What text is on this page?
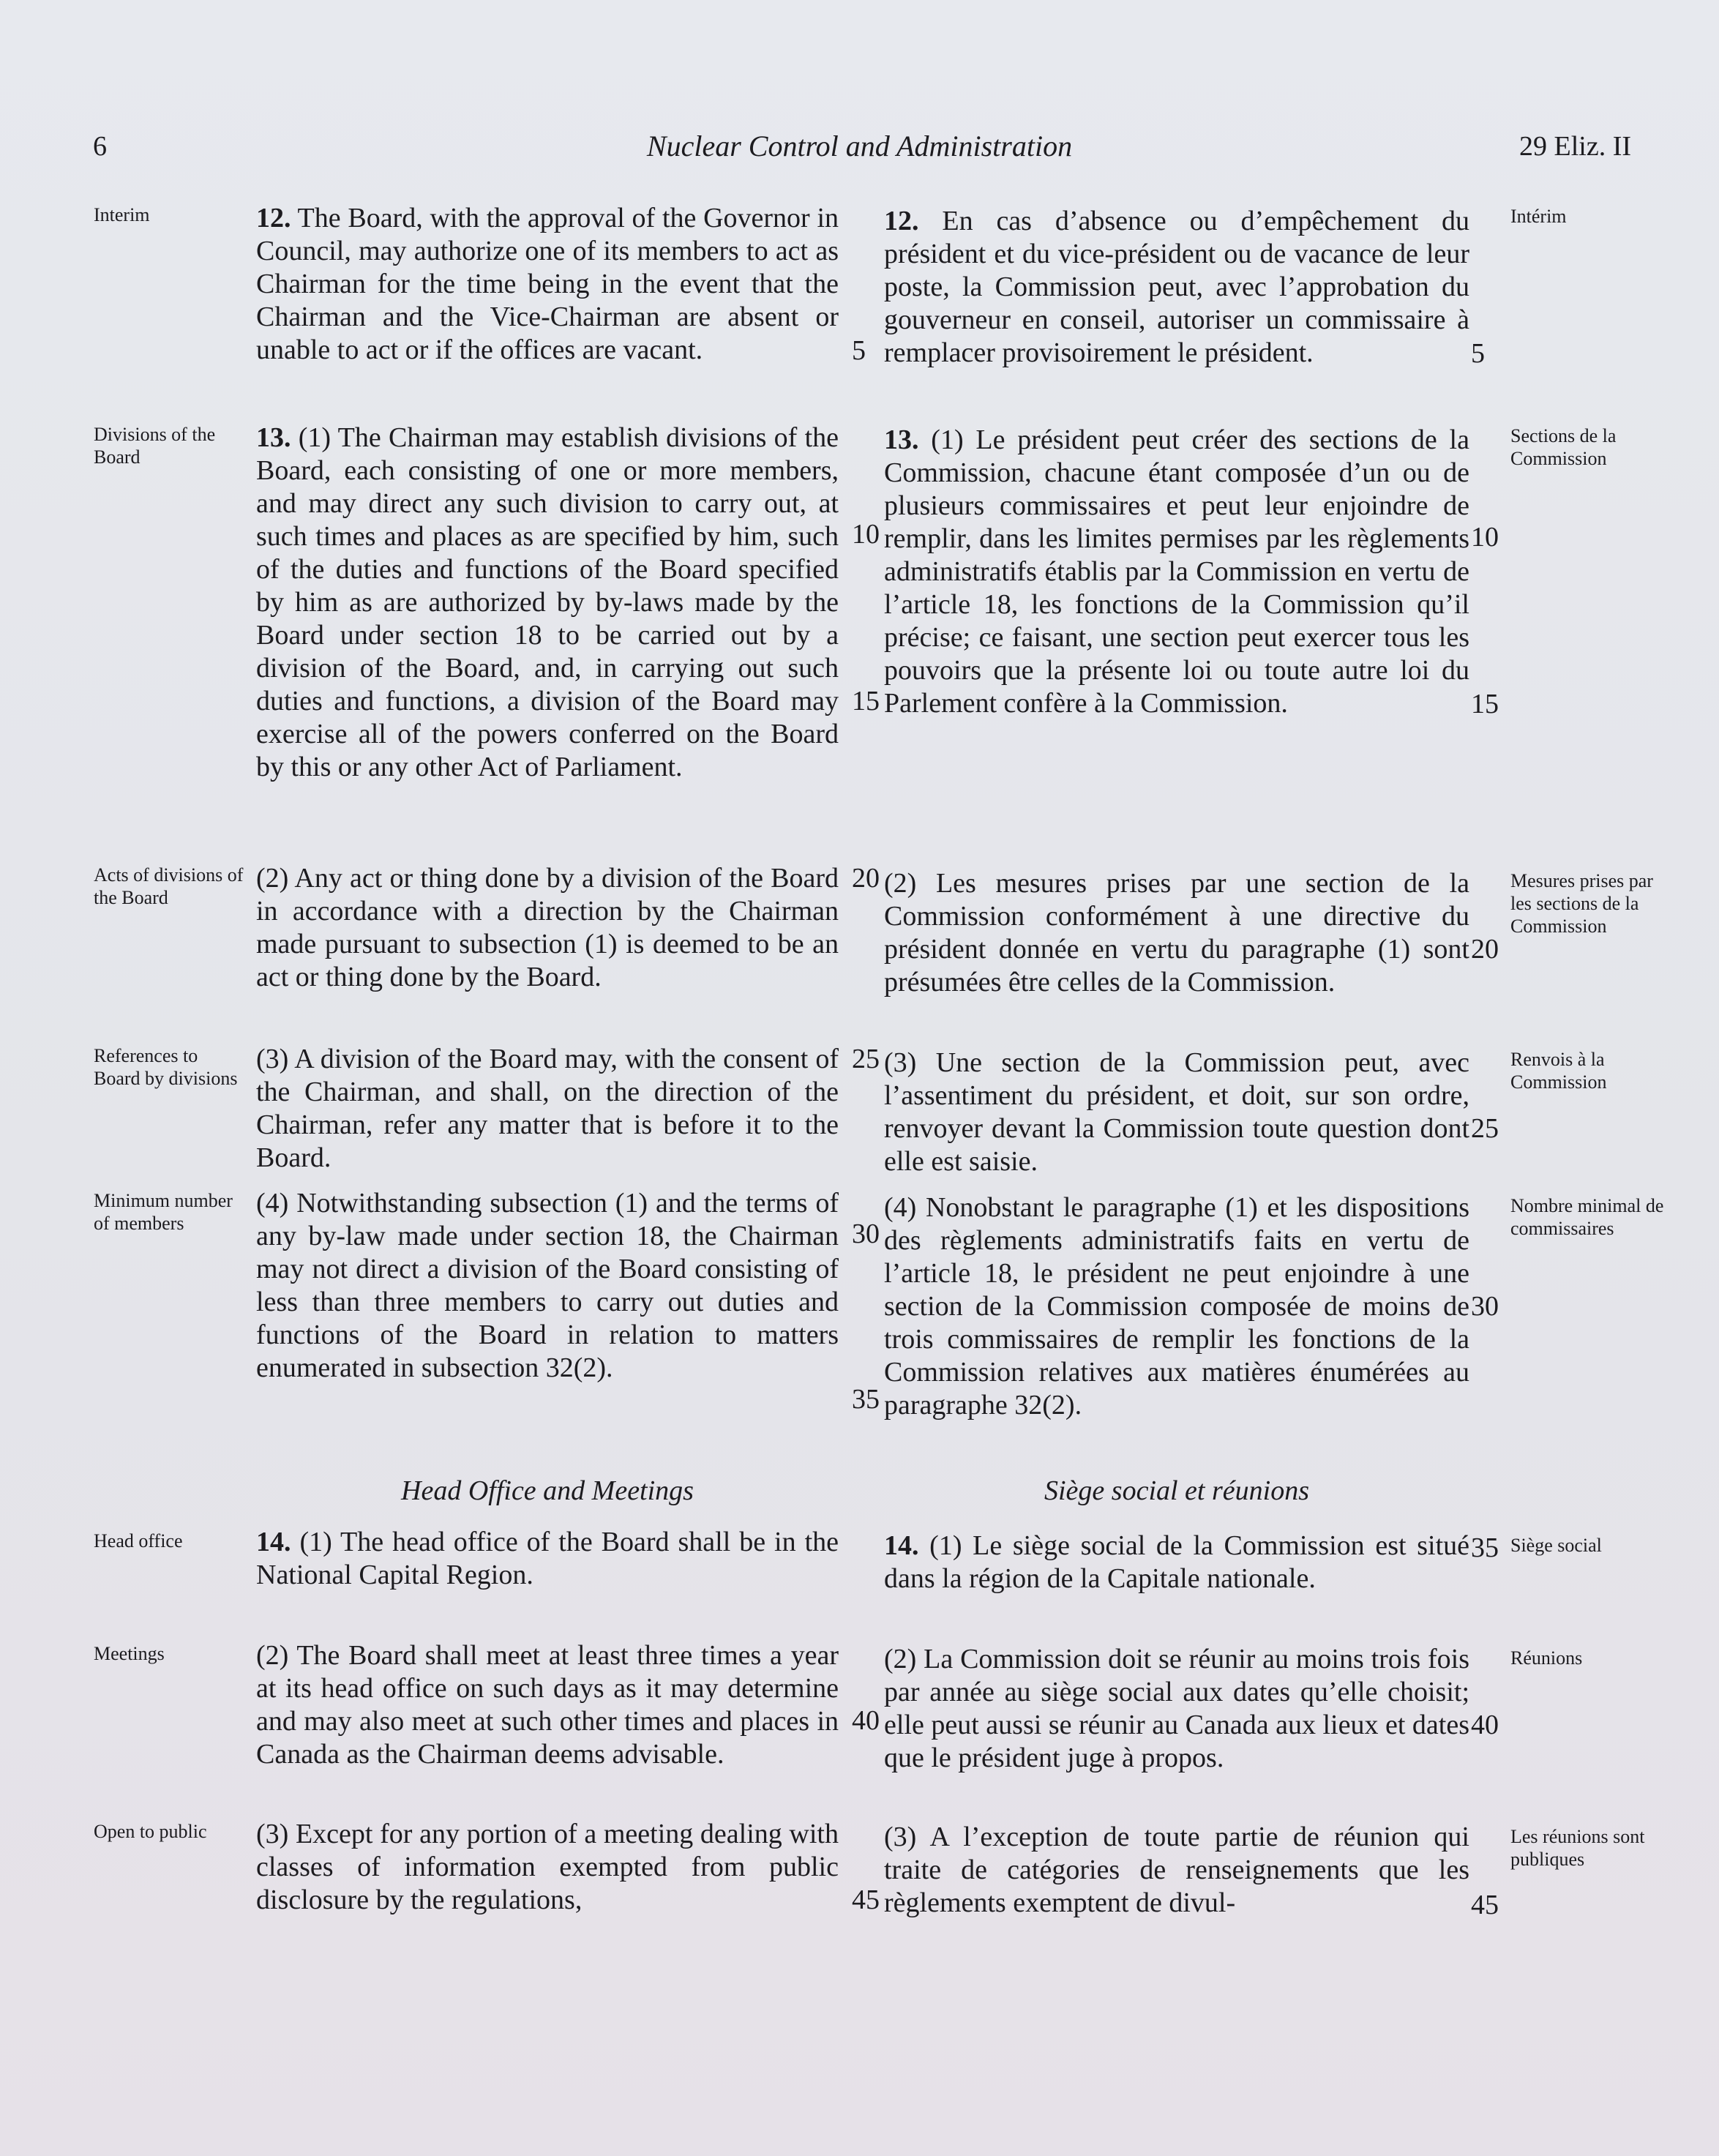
6	Nuclear Control and Administration	29 Eliz. II
Interim
Divisions of the Board
Acts of divisions of the Board
References to Board by divisions
Minimum number of members
Head office
Meetings
Open to public
Intérim
Sections de la Commission
Mesures prises par les sections de la Commission
Renvois à la Commission
Nombre minimal de commissaires
Siège social
Réunions
Les réunions sont publiques
12. The Board, with the approval of the Governor in Council, may authorize one of its members to act as Chairman for the time being in the event that the Chairman and the Vice-Chairman are absent or unable to act or if the offices are vacant.
13. (1) The Chairman may establish divisions of the Board, each consisting of one or more members, and may direct any such division to carry out, at such times and places as are specified by him, such of the duties and functions of the Board specified by him as are authorized by by-laws made by the Board under section 18 to be carried out by a division of the Board, and, in carrying out such duties and functions, a division of the Board may exercise all of the powers conferred on the Board by this or any other Act of Parliament.
(2) Any act or thing done by a division of the Board in accordance with a direction by the Chairman made pursuant to subsection (1) is deemed to be an act or thing done by the Board.
(3) A division of the Board may, with the consent of the Chairman, and shall, on the direction of the Chairman, refer any matter that is before it to the Board.
(4) Notwithstanding subsection (1) and the terms of any by-law made under section 18, the Chairman may not direct a division of the Board consisting of less than three members to carry out duties and functions of the Board in relation to matters enumerated in subsection 32(2).
14. (1) The head office of the Board shall be in the National Capital Region.
(2) The Board shall meet at least three times a year at its head office on such days as it may determine and may also meet at such other times and places in Canada as the Chairman deems advisable.
(3) Except for any portion of a meeting dealing with classes of information exempted from public disclosure by the regulations,
12. En cas d’absence ou d’empêchement du président et du vice-président ou de vacance de leur poste, la Commission peut, avec l’approbation du gouverneur en conseil, autoriser un commissaire à remplacer provisoirement le président.
13. (1) Le président peut créer des sections de la Commission, chacune étant composée d’un ou de plusieurs commissaires et peut leur enjoindre de remplir, dans les limites permises par les règlements administratifs établis par la Commission en vertu de l’article 18, les fonctions de la Commission qu’il précise; ce faisant, une section peut exercer tous les pouvoirs que la présente loi ou toute autre loi du Parlement confère à la Commission.
(2) Les mesures prises par une section de la Commission conformément à une directive du président donnée en vertu du paragraphe (1) sont présumées être celles de la Commission.
(3) Une section de la Commission peut, avec l’assentiment du président, et doit, sur son ordre, renvoyer devant la Commission toute question dont elle est saisie.
(4) Nonobstant le paragraphe (1) et les dispositions des règlements administratifs faits en vertu de l’article 18, le président ne peut enjoindre à une section de la Commission composée de moins de trois commissaires de remplir les fonctions de la Commission relatives aux matières énumérées au paragraphe 32(2).
14. (1) Le siège social de la Commission est situé dans la région de la Capitale nationale.
(2) La Commission doit se réunir au moins trois fois par année au siège social aux dates qu’elle choisit; elle peut aussi se réunir au Canada aux lieux et dates que le président juge à propos.
(3) A l’exception de toute partie de réunion qui traite de catégories de renseignements que les règlements exemptent de divul-
Head Office and Meetings	Siège social et réunions
5
10
15
20
25
30
35
40
45
5
10
15
20
25
30
35
40
45
